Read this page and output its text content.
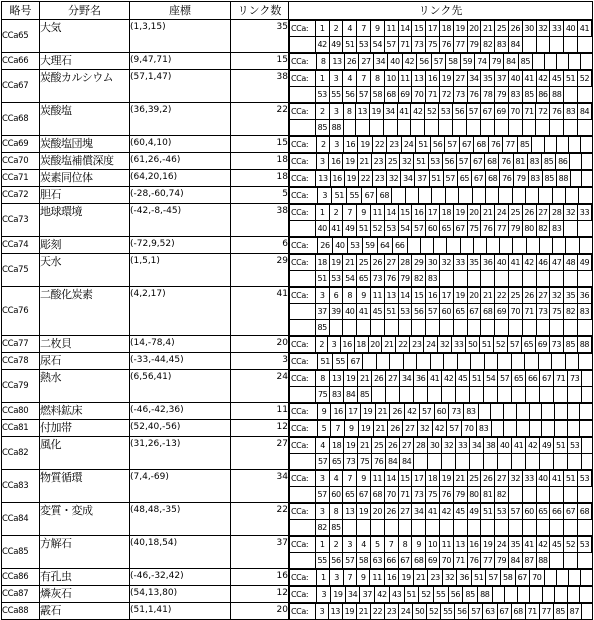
略号	分野名	座標	リンク数	リンク先
CCa65	大気	(1,3,15)	35	CCa:	1	2	4	7	9	11	14	15	17	18	19	20	21	25	26	30	32	33	40	41
	42	49	51	53	54	57	71	73	75	76	77	79	82	83	84					

CCa66	大理石	(9,47,71)	15	CCa:	8	13	26	27	34	40	42	56	57	58	59	74	79	84	85					

CCa67	炭酸カルシウム	(57,1,47)	38	CCa:	1	3	4	7	8	10	11	13	16	19	27	34	35	37	40	41	42	45	51	52
	53	55	56	57	58	68	69	70	71	72	73	76	78	79	83	85	86	88		

CCa68	炭酸塩	(36,39,2)	22	CCa:	2	3	8	13	19	34	41	42	52	53	56	57	67	69	70	71	72	76	83	84
	85	88																		

CCa69	炭酸塩団塊	(60,4,10)	15	CCa:	2	3	16	19	22	23	24	51	56	57	67	68	76	77	85					

CCa70	炭酸塩補償深度	(61,26,-46)	18	CCa:	3	16	19	21	23	25	32	51	53	56	57	67	68	76	81	83	85	86		

CCa71	炭素同位体	(64,20,16)	18	CCa:	13	16	19	22	23	32	34	37	51	57	65	67	68	76	79	83	85	88		

CCa72	胆石	(-28,-60,74)	5	CCa:	3	51	55	67	68															

CCa73	地球環境	(-42,-8,-45)	38	CCa:	1	2	7	9	11	14	15	16	17	18	19	20	21	24	25	26	27	28	32	33
	40	41	49	51	52	53	54	57	60	65	67	75	76	77	79	80	82	83		

CCa74	彫刻	(-72,9,52)	6	CCa:	26	40	53	59	64	66														

CCa75	天水	(1,5,1)	29	CCa:	18	19	21	25	26	27	28	29	30	32	33	35	36	40	41	42	46	47	48	49
	51	53	54	65	73	76	79	82	83											

CCa76	二酸化炭素	(4,2,17)	41	CCa:	3	6	8	9	11	13	14	15	16	17	19	20	21	22	25	26	27	32	35	36
	37	39	40	41	45	51	53	56	57	60	65	67	68	69	70	71	73	75	82	83
	85																			

CCa77	二枚貝	(14,-78,4)	20	CCa:	2	3	16	18	20	21	22	23	24	32	33	50	51	52	57	65	69	73	85	88

CCa78	尿石	(-33,-44,45)	3	CCa:	51	55	67																	

CCa79	熱水	(6,56,41)	24	CCa:	8	13	19	21	26	27	34	36	41	42	45	51	54	57	65	66	67	71	73	
	75	83	84	85																

CCa80	燃料鉱床	(-46,-42,36)	11	CCa:	9	16	17	19	21	26	42	57	60	73	83									

CCa81	付加帯	(52,40,-56)	12	CCa:	5	7	9	19	21	26	27	32	42	57	70	83								

CCa82	風化	(31,26,-13)	27	CCa:	4	18	19	21	25	26	27	28	30	32	33	34	38	40	41	42	49	51	53	
	57	65	73	75	76	84	84													

CCa83	物質循環	(7,4,-69)	34	CCa:	3	4	7	9	11	14	15	17	18	19	21	25	26	27	32	33	40	41	51	53
	57	60	65	67	68	70	71	73	75	76	79	80	81	82						

CCa84	変質・変成	(48,48,-35)	22	CCa:	3	8	13	19	20	26	27	34	41	42	45	49	51	53	57	60	65	66	67	68
	82	85																		

CCa85	方解石	(40,18,54)	37	CCa:	1	2	3	4	5	7	8	9	10	11	13	16	19	24	35	41	42	45	52	53
	55	56	57	58	63	66	67	68	69	70	71	76	77	79	84	87	88			

CCa86	有孔虫	(-46,-32,42)	16	CCa:	1	3	7	9	11	16	19	21	23	32	36	51	57	58	67	70				

CCa87	燐灰石	(54,13,80)	12	CCa:	3	19	34	37	42	43	51	52	55	56	85	88								

CCa88	霰石	(51,1,41)	20	CCa:	3	13	19	21	22	23	24	50	52	55	56	57	63	67	68	71	77	85	87	
